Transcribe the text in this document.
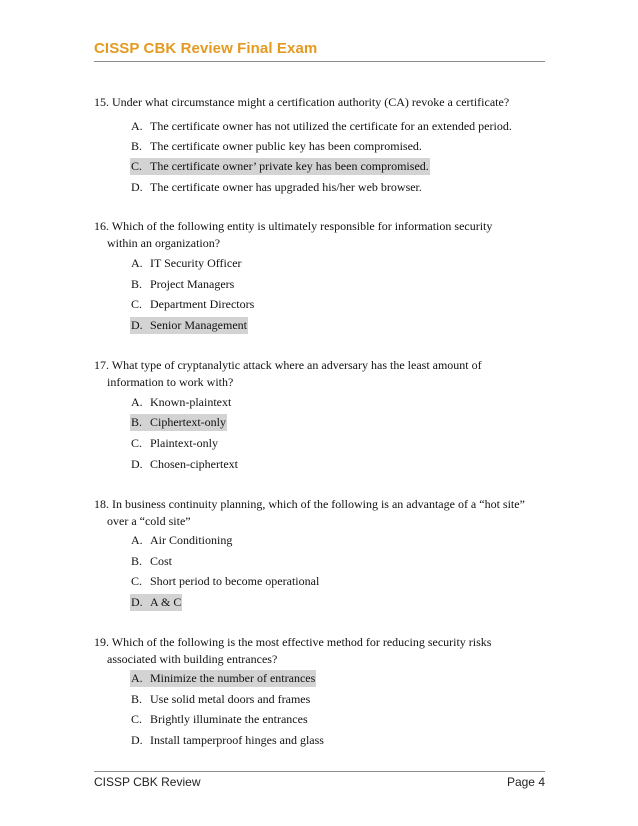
CISSP CBK Review Final Exam
15. Under what circumstance might a certification authority (CA) revoke a certificate?
A. The certificate owner has not utilized the certificate for an extended period.
B. The certificate owner public key has been compromised.
C. The certificate owner’ private key has been compromised.
D. The certificate owner has upgraded his/her web browser.
16. Which of the following entity is ultimately responsible for information security
within an organization?
A. IT Security Officer
B. Project Managers
C. Department Directors
D. Senior Management
17. What type of cryptanalytic attack where an adversary has the least amount of
information to work with?
A. Known-plaintext
B. Ciphertext-only
C. Plaintext-only
D. Chosen-ciphertext
18. In business continuity planning, which of the following is an advantage of a “hot site”
over a “cold site”
A. Air Conditioning
B. Cost
C. Short period to become operational
D. A & C
19. Which of the following is the most effective method for reducing security risks
associated with building entrances?
A. Minimize the number of entrances
B. Use solid metal doors and frames
C. Brightly illuminate the entrances
D. Install tamperproof hinges and glass
CISSP CBK Review	Page 4
